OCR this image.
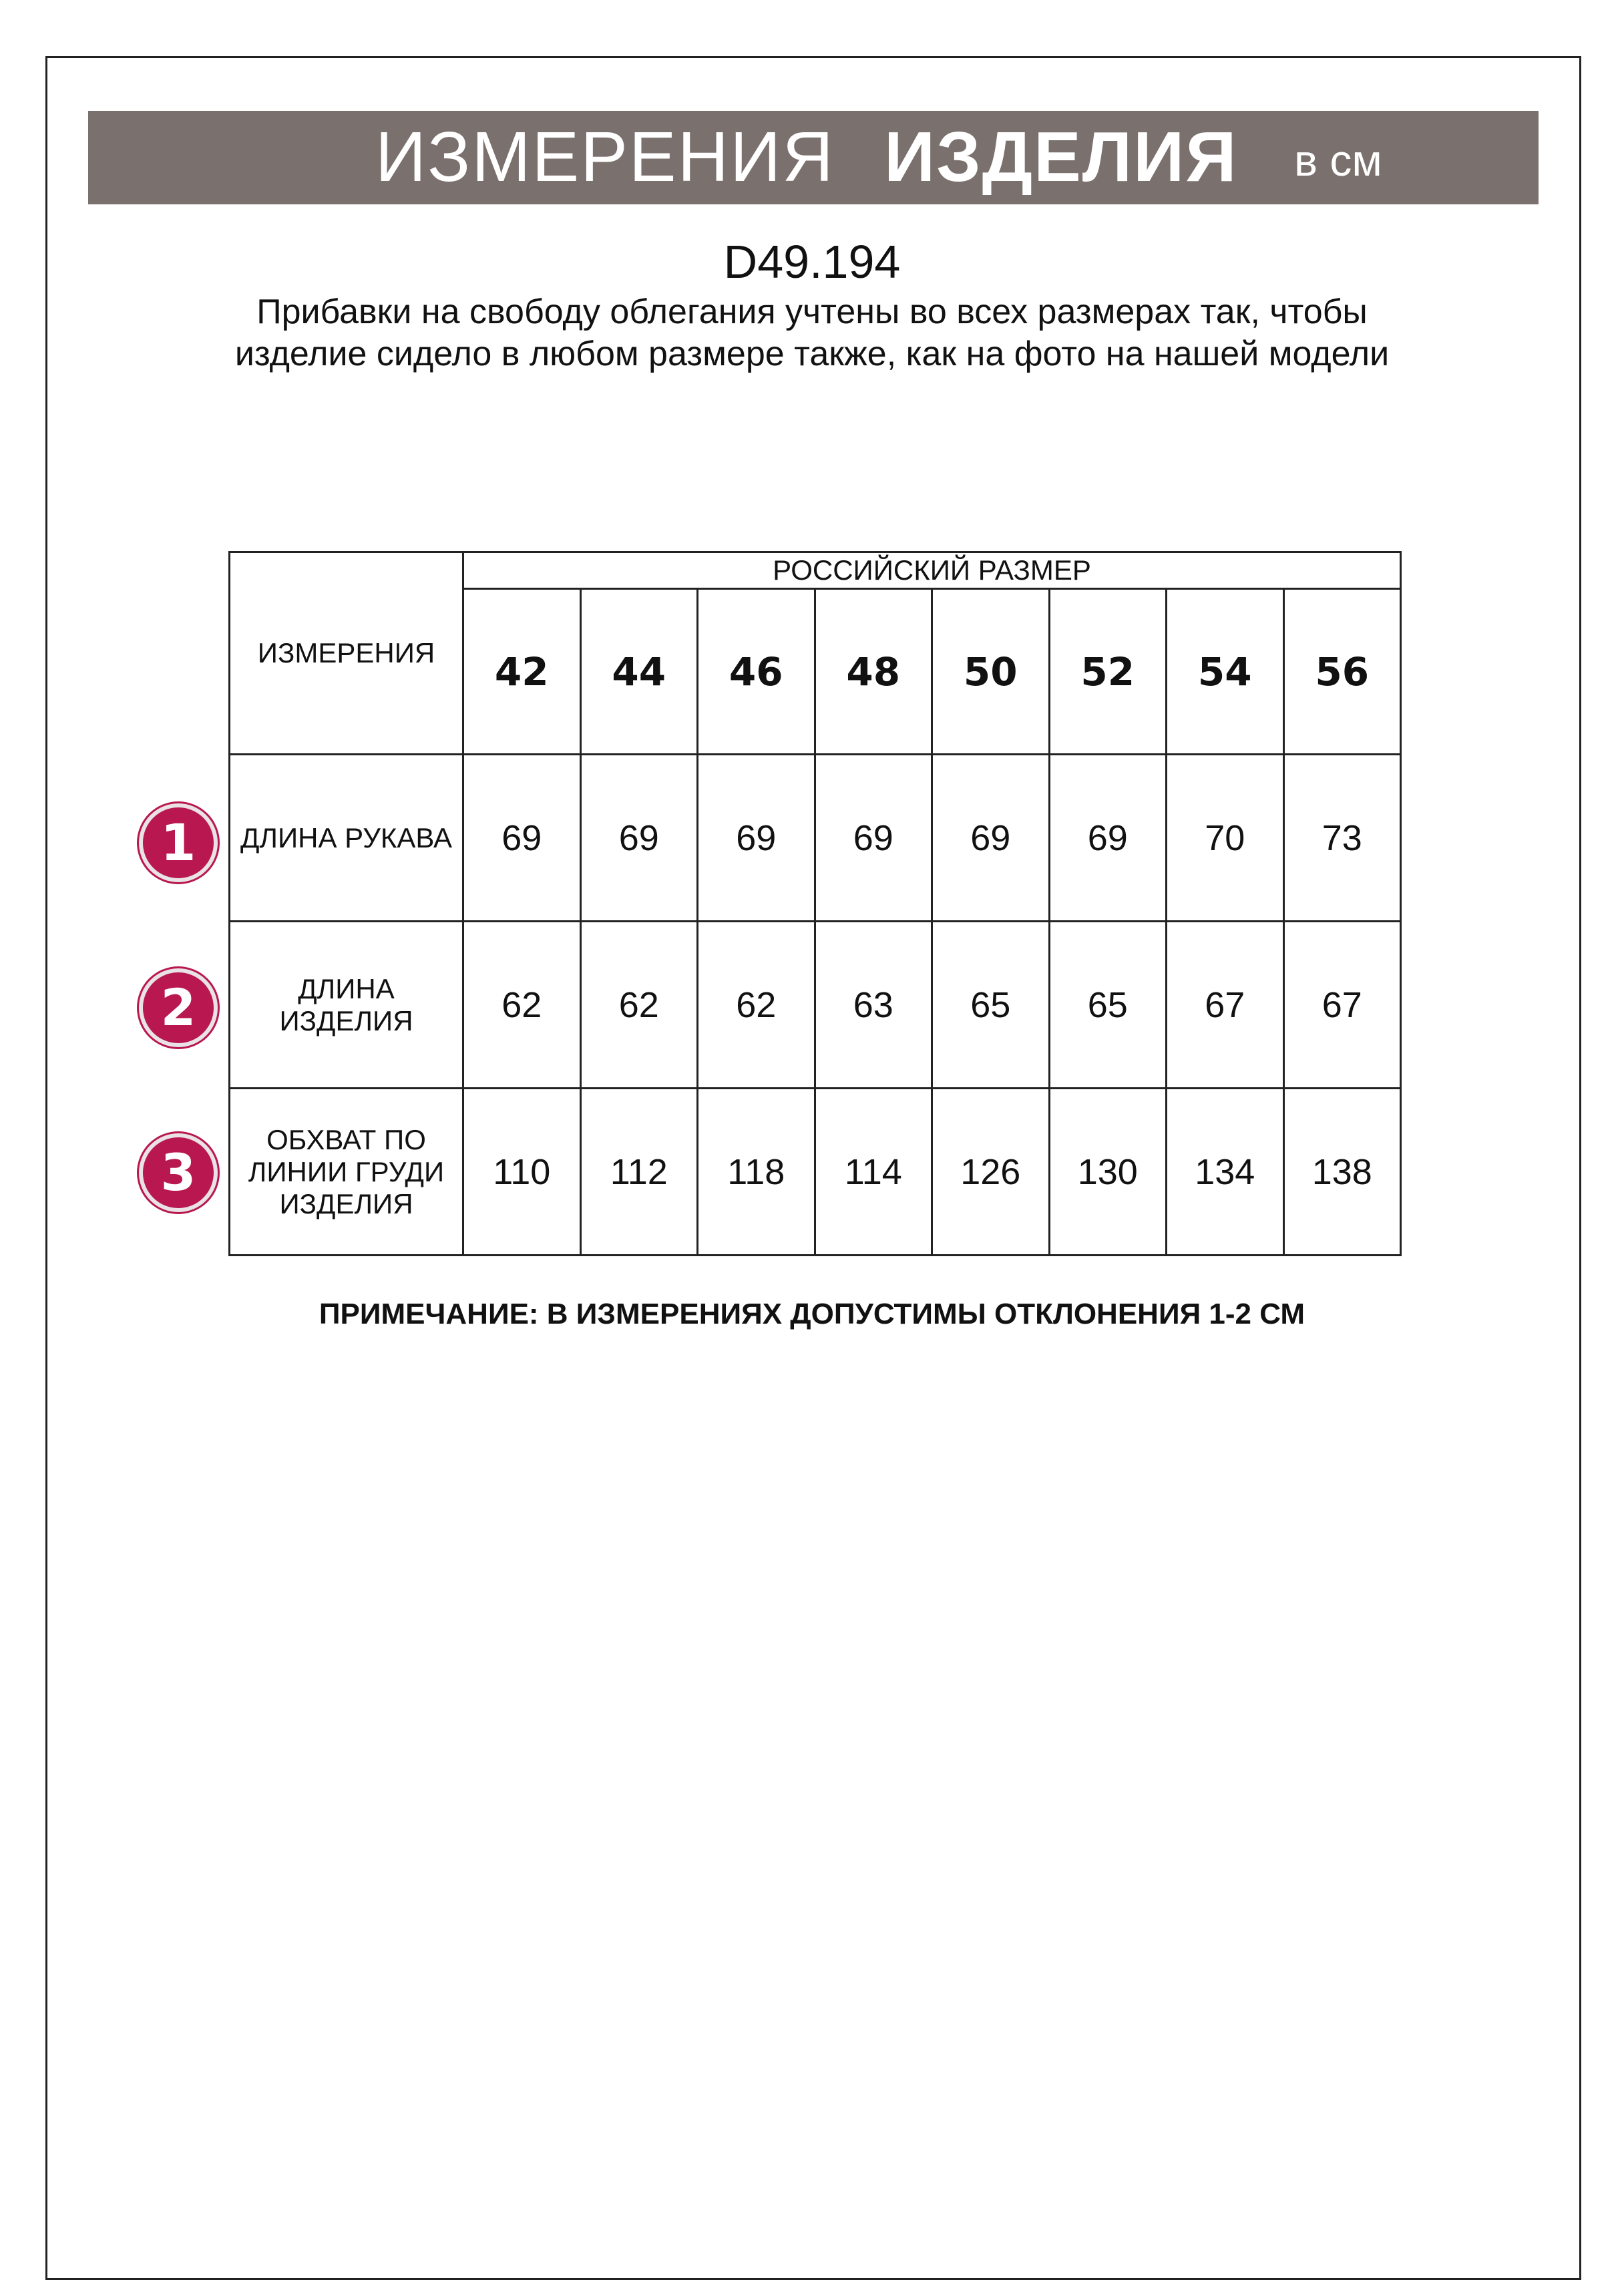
ИЗМЕРЕНИЯ ИЗДЕЛИЯ в см
D49.194
Прибавки на свободу облегания учтены во всех размерах так, чтобы изделие сидело в любом размере также, как на фото на нашей модели
ИЗМЕРЕНИЯ	РОССИЙСКИЙ РАЗМЕР							
	42	44	46	48	50	52	54	56

ДЛИНА РУКАВА	69	69	69	69	69	69	70	73

ДЛИНА
ИЗДЕЛИЯ	62	62	62	63	65	65	67	67

ОБХВАТ ПО
ЛИНИИ ГРУДИ
ИЗДЕЛИЯ	110	112	118	114	126	130	134	138
1
2
3
ПРИМЕЧАНИЕ: В ИЗМЕРЕНИЯХ ДОПУСТИМЫ ОТКЛОНЕНИЯ 1-2 СМ
